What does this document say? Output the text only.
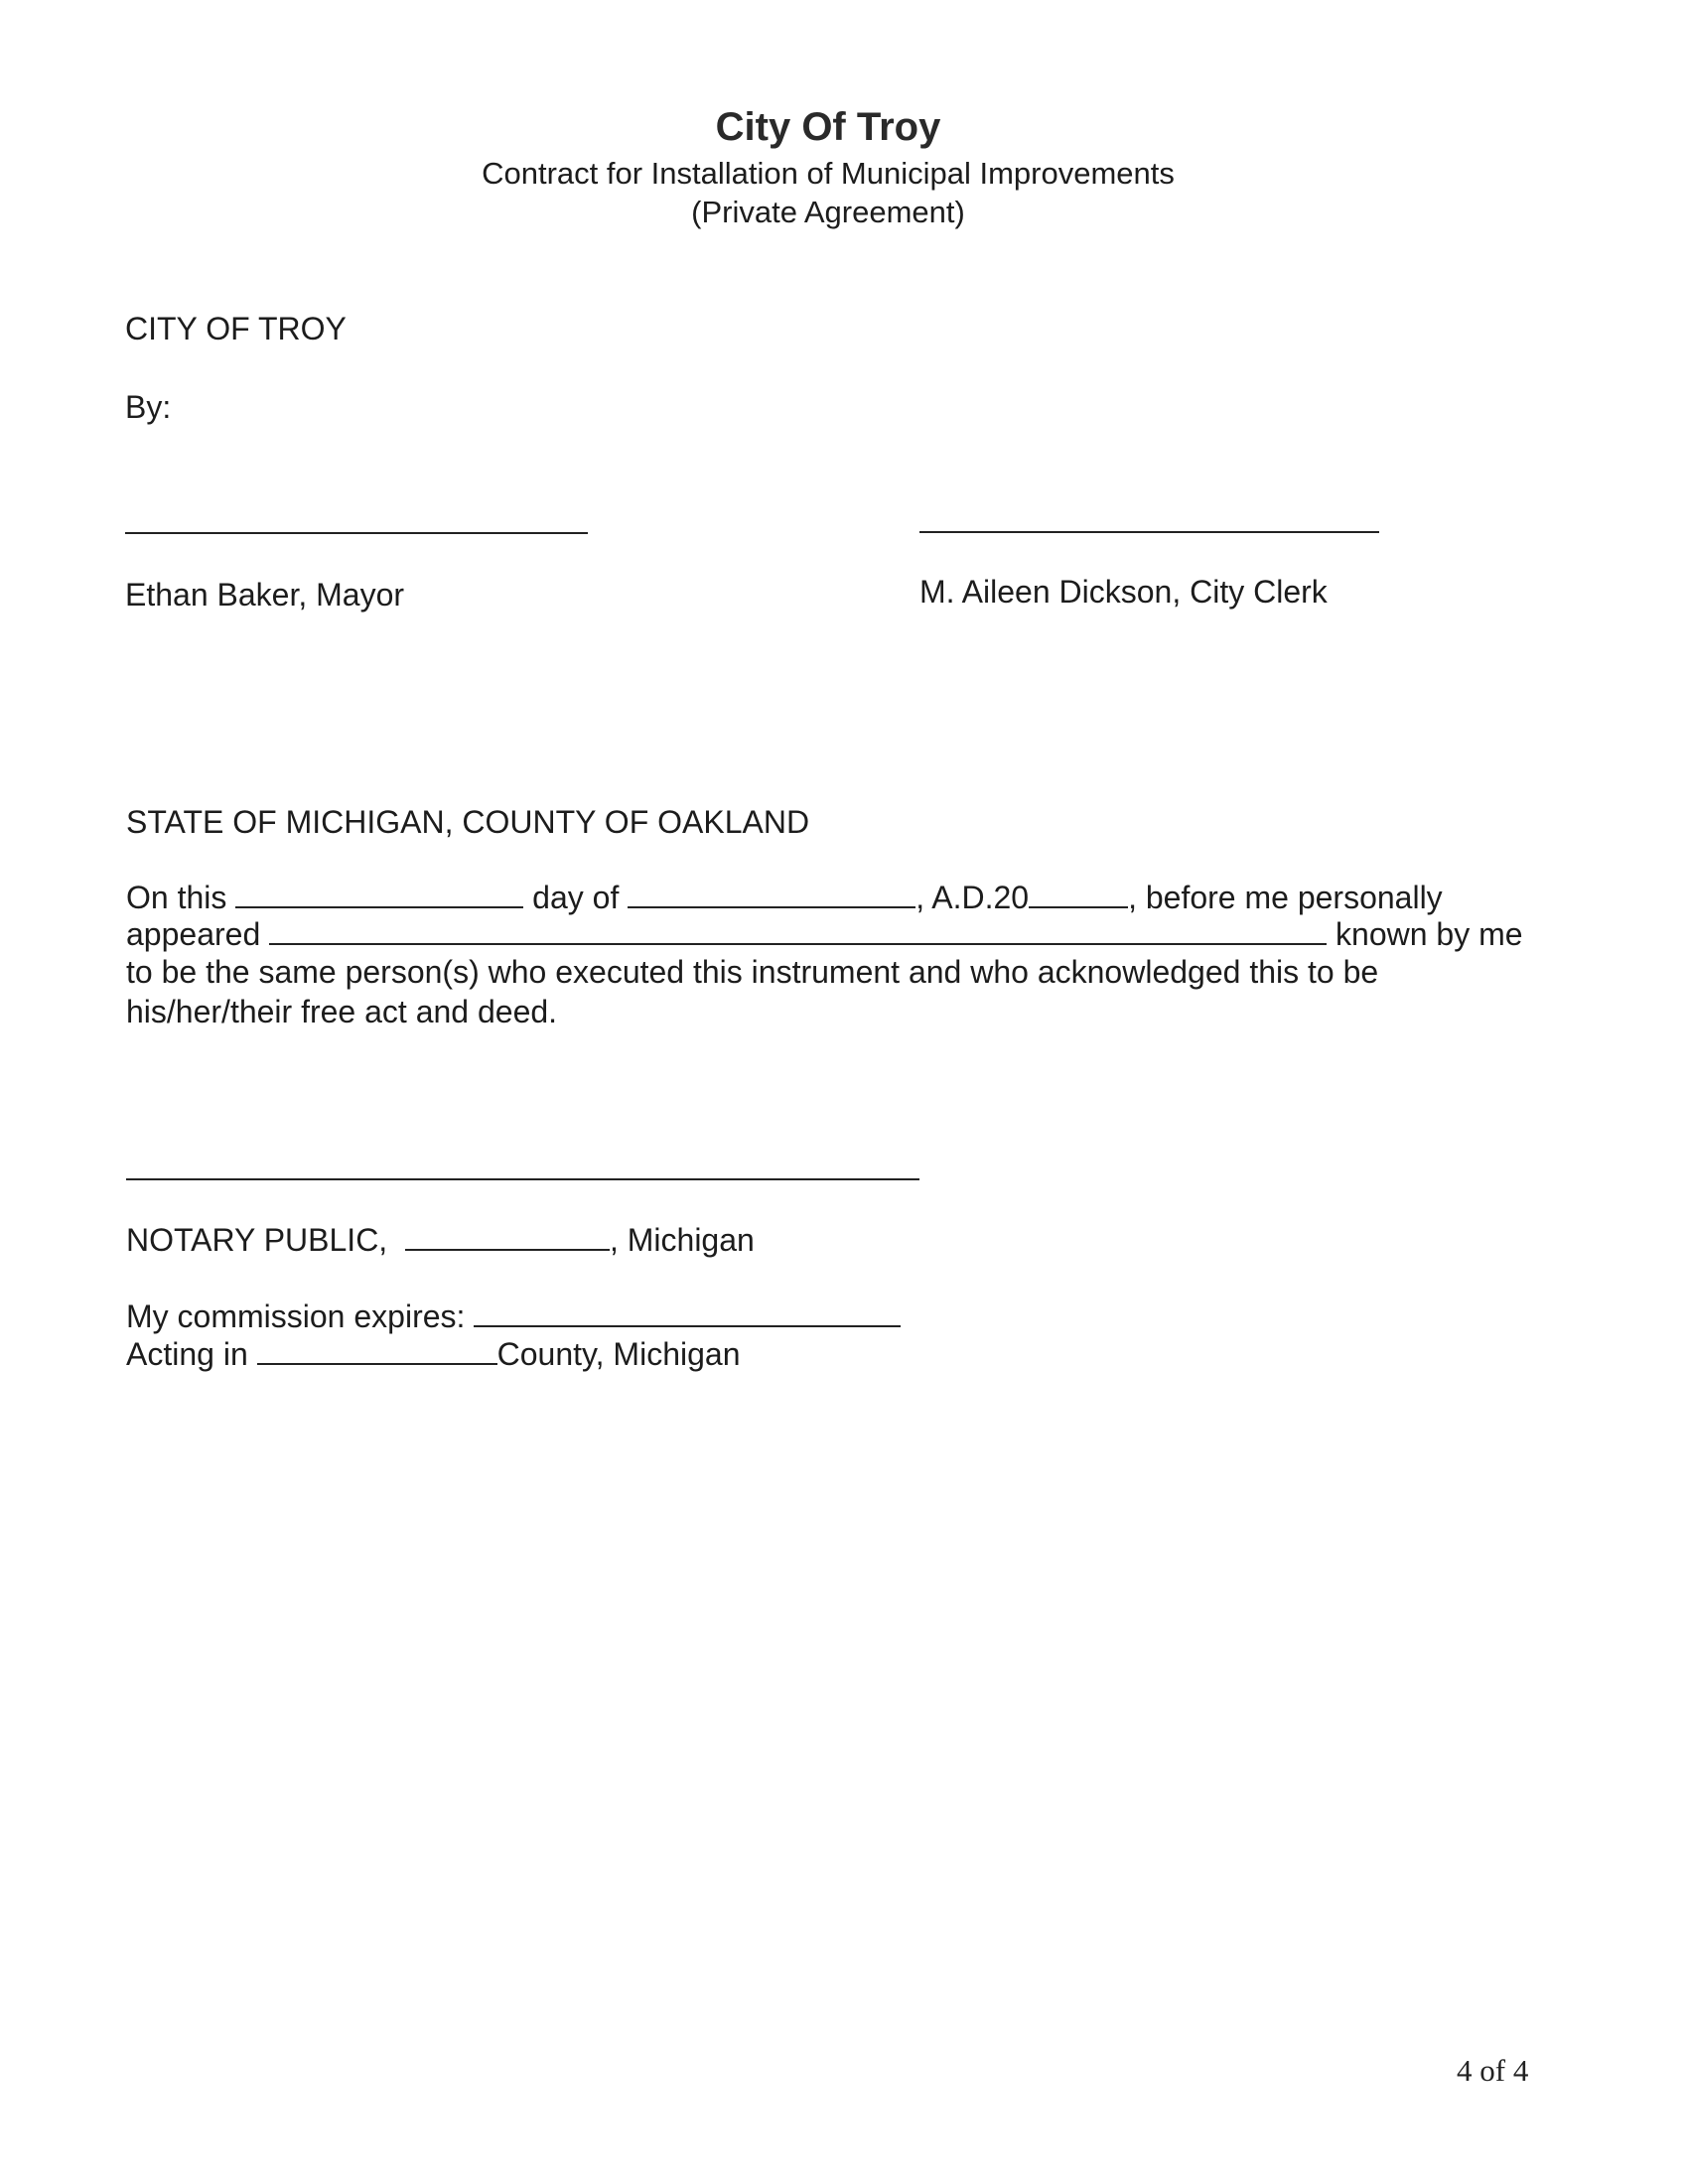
City Of Troy
Contract for Installation of Municipal Improvements
(Private Agreement)
CITY OF TROY
By:
Ethan Baker, Mayor	M. Aileen Dickson, City Clerk
STATE OF MICHIGAN, COUNTY OF OAKLAND
On this	day of	, A.D.20	, before me personally
appeared	known by me
to be the same person(s) who executed this instrument and who acknowledged this to be
his/her/their free act and deed.
NOTARY PUBLIC,	, Michigan
My commission expires:
Acting in	County, Michigan
4 of 4
